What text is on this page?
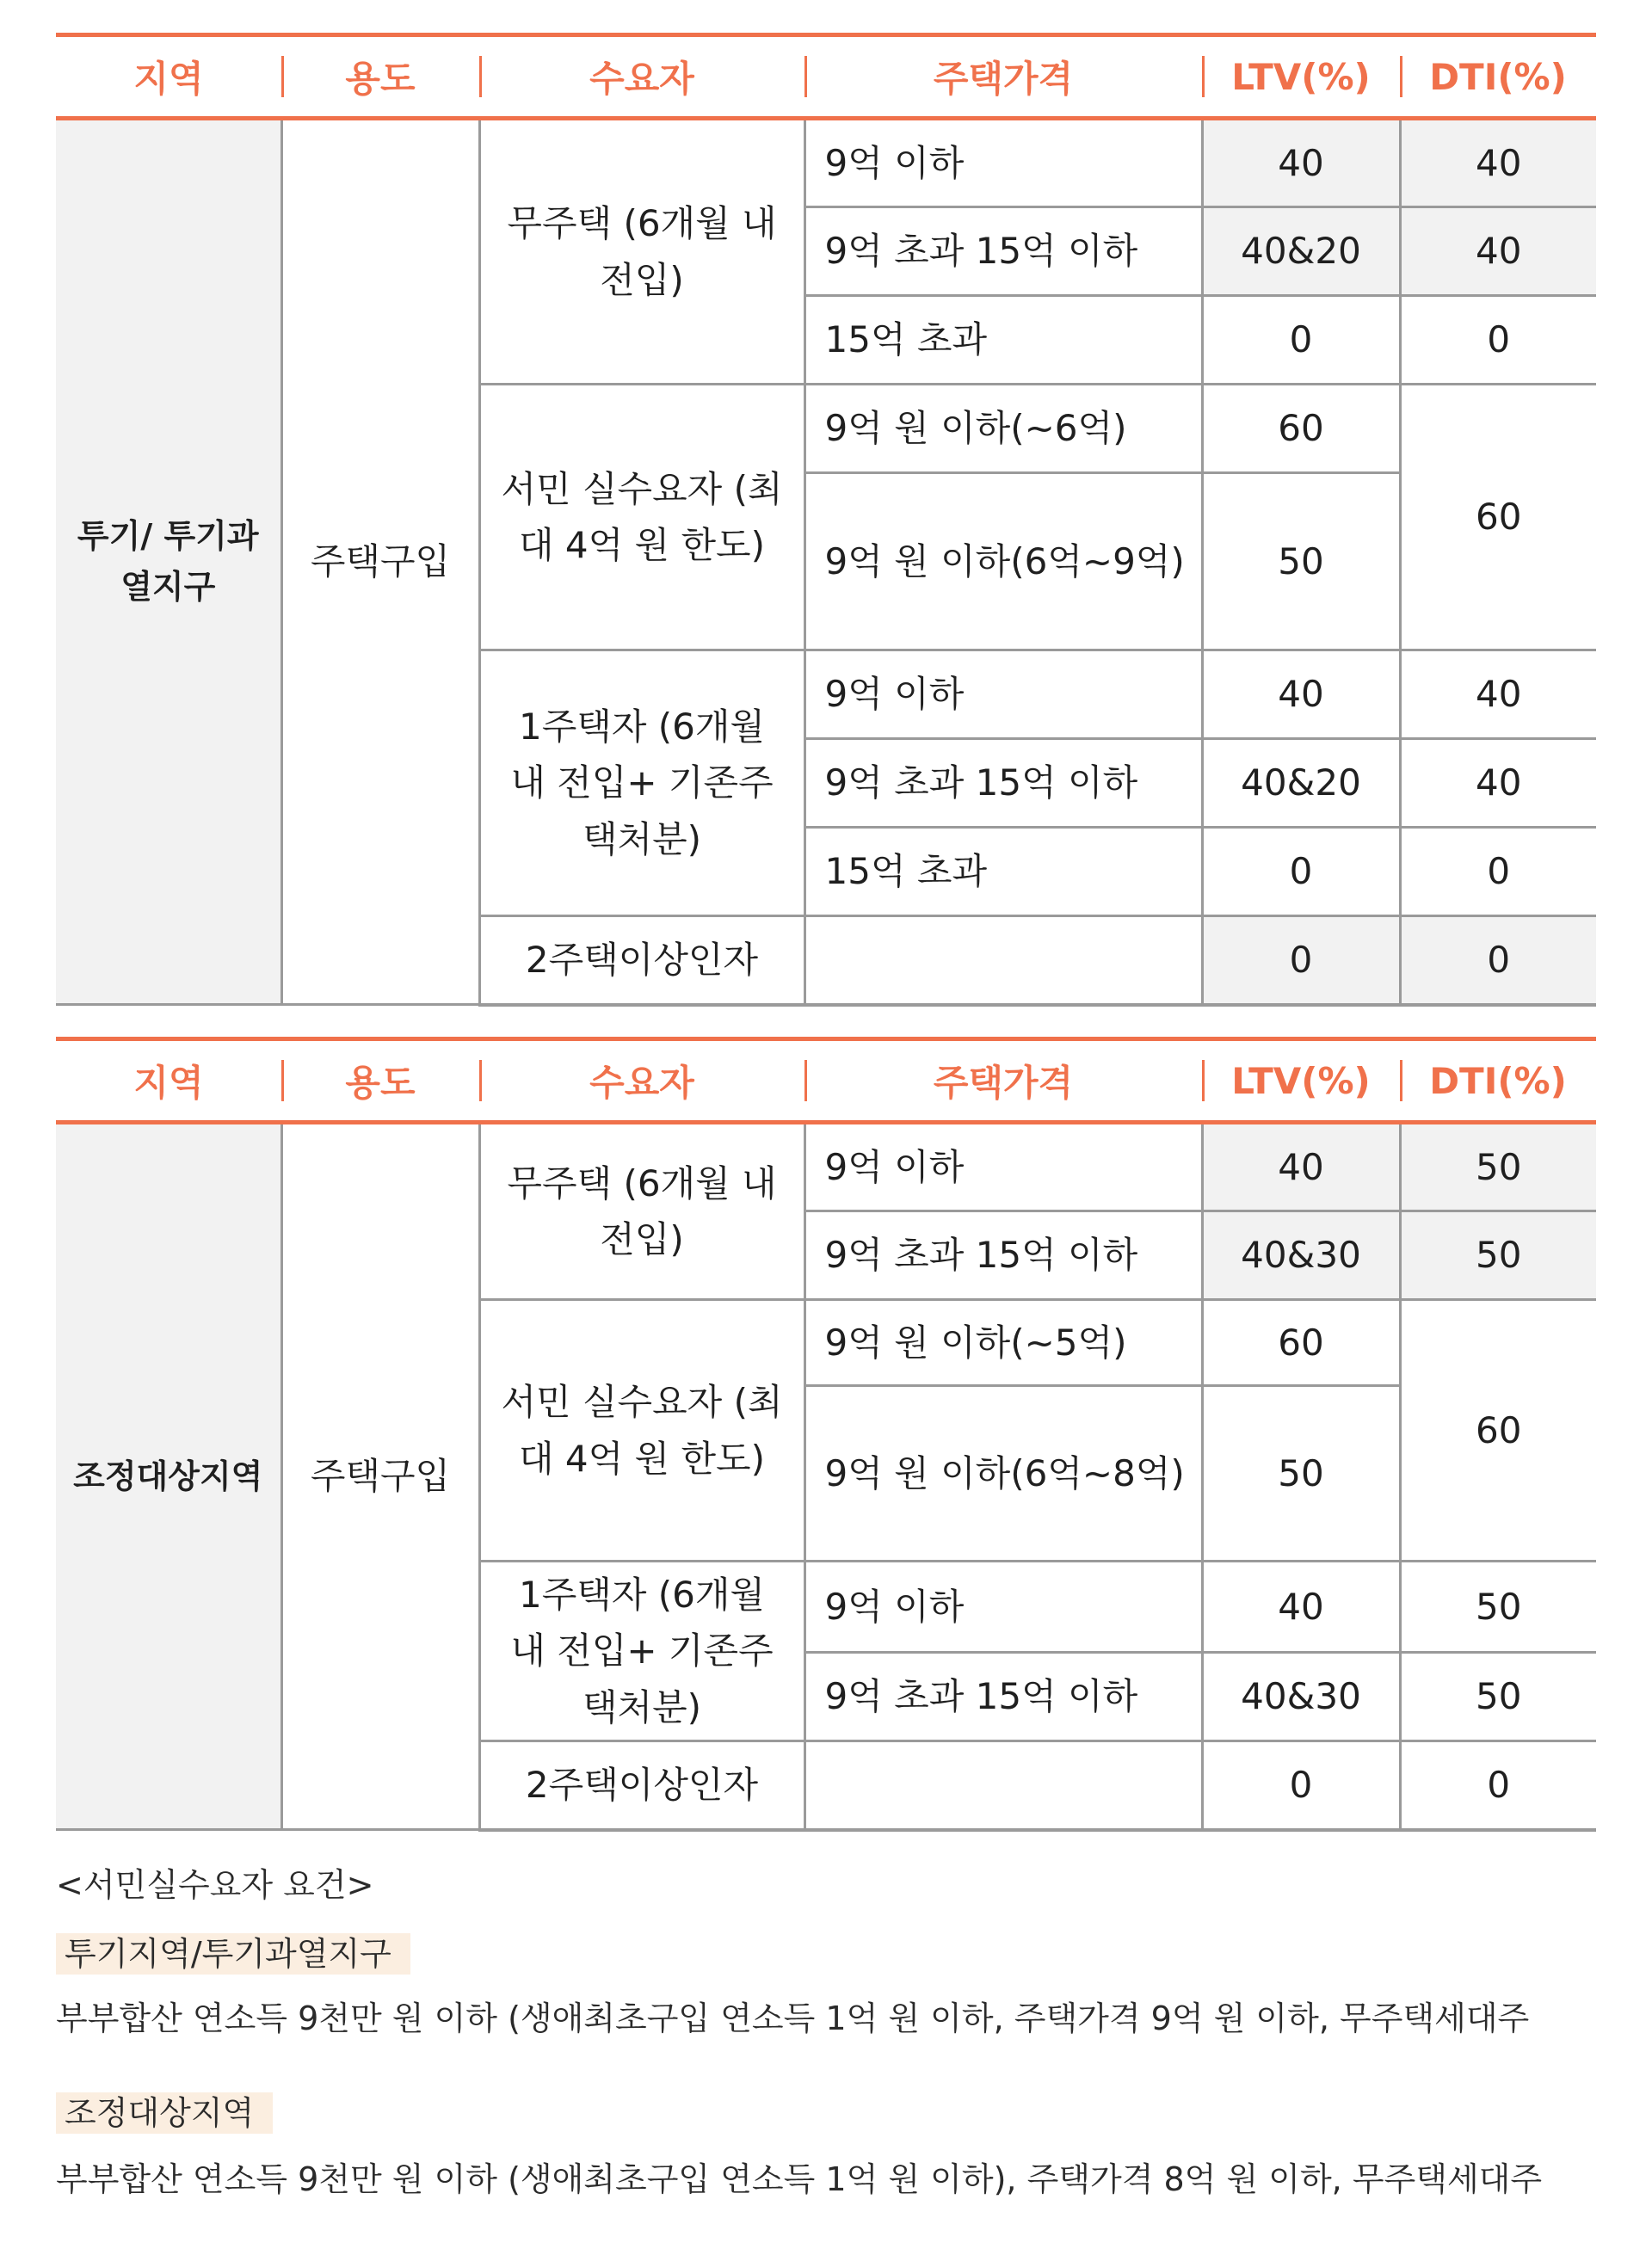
지역	용도	수요자	주택가격	LTV(%)	DTI(%)
투기/ 투기과열지구	주택구입	무주택 (6개월 내 전입)	9억 이하	40	40
			9억 초과 15억 이하	40&20	40
			15억 초과	0	0
		서민 실수요자 (최대 4억 원 한도)	9억 원 이하(~6억)	60	60
			9억 원 이하(6억~9억)	50	
		1주택자 (6개월 내 전입+ 기존주택처분)	9억 이하	40	40
			9억 초과 15억 이하	40&20	40
			15억 초과	0	0
		2주택이상인자		0	0
지역	용도	수요자	주택가격	LTV(%)	DTI(%)
조정대상지역	주택구입	무주택 (6개월 내 전입)	9억 이하	40	50
			9억 초과 15억 이하	40&30	50
		서민 실수요자 (최대 4억 원 한도)	9억 원 이하(~5억)	60	60
			9억 원 이하(6억~8억)	50	
		1주택자 (6개월 내 전입+ 기존주택처분)	9억 이하	40	50
			9억 초과 15억 이하	40&30	50
		2주택이상인자		0	0
<서민실수요자 요건>
투기지역/투기과열지구
부부합산 연소득 9천만 원 이하 (생애최초구입 연소득 1억 원 이하, 주택가격 9억 원 이하, 무주택세대주
조정대상지역
부부합산 연소득 9천만 원 이하 (생애최초구입 연소득 1억 원 이하), 주택가격 8억 원 이하, 무주택세대주
